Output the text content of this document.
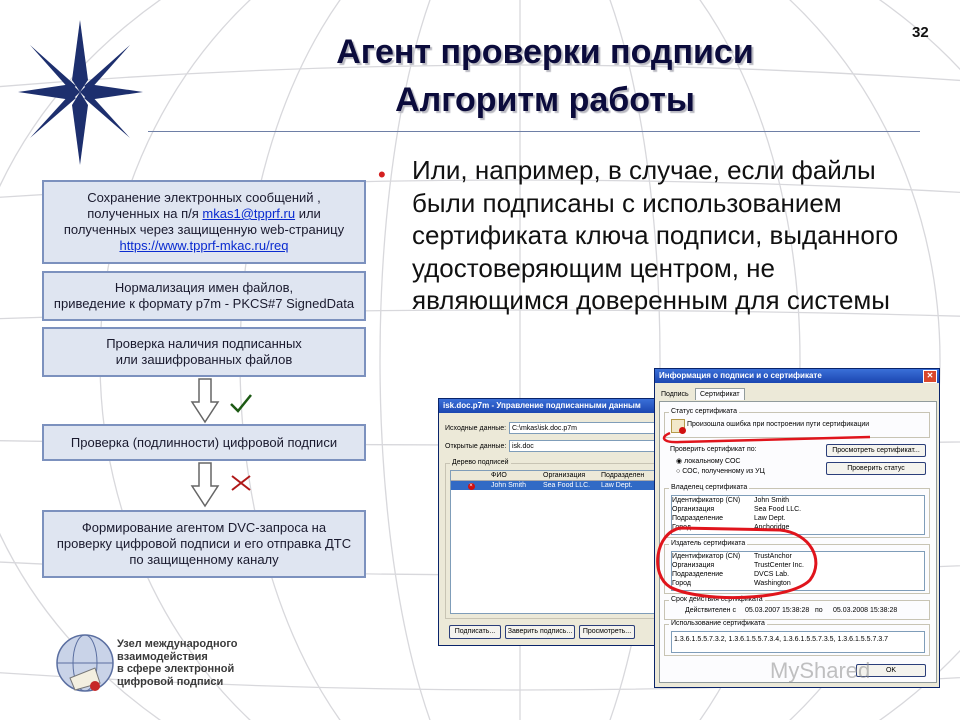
32
Агент проверки подписи
Алгоритм работы
Сохранение электронных сообщений ,
полученных на п/я mkas1@tpprf.ru или
полученных через защищенную web-страницу
https://www.tpprf-mkac.ru/req
Нормализация имен файлов,
приведение к формату p7m - PKCS#7 SignedData
Проверка наличия подписанных
или зашифрованных файлов
Проверка (подлинности) цифровой подписи
Формирование агентом DVC-запроса на
проверку цифровой подписи и его отправка ДТС
по защищенному каналу
• Или, например, в случае, если файлы были подписаны с использованием сертификата ключа подписи, выданного удостоверяющим центром, не являющимся доверенным для системы
isk.doc.p7m - Управление подписанными данным
Исходные данные: C:\mkas\isk.doc.p7m
Открытые данные: isk.doc
Дерево подписей
ФИО	Организация	Подразделен
×	John Smith	Sea Food LLC.	Law Dept.
Подписать...	Заверить подпись...	Просмотреть...
Информация о подписи и о сертификате	✕
Подпись	Сертификат
Статус сертификата
Произошла ошибка при построении пути сертификации
Проверить сертификат по:
◉ локальному СОС
○ СОС, полученному из УЦ
Просмотреть сертификат...
Проверить статус
Владелец сертификата
Идентификатор (CN)	John Smith
Организация	Sea Food LLC.
Подразделение	Law Dept.
Город	Anchoridge
Издатель сертификата
Идентификатор (CN)	TrustAnchor
Организация	TrustCenter Inc.
Подразделение	DVCS Lab.
Город	Washington
Срок действия сертификата
Действителен с 05.03.2007 15:38:28 по 05.03.2008 15:38:28
Использование сертификата
1.3.6.1.5.5.7.3.2, 1.3.6.1.5.5.7.3.4, 1.3.6.1.5.5.7.3.5, 1.3.6.1.5.5.7.3.7
OK
Узел международного
взаимодействия
в сфере электронной
цифровой подписи	MyShared
